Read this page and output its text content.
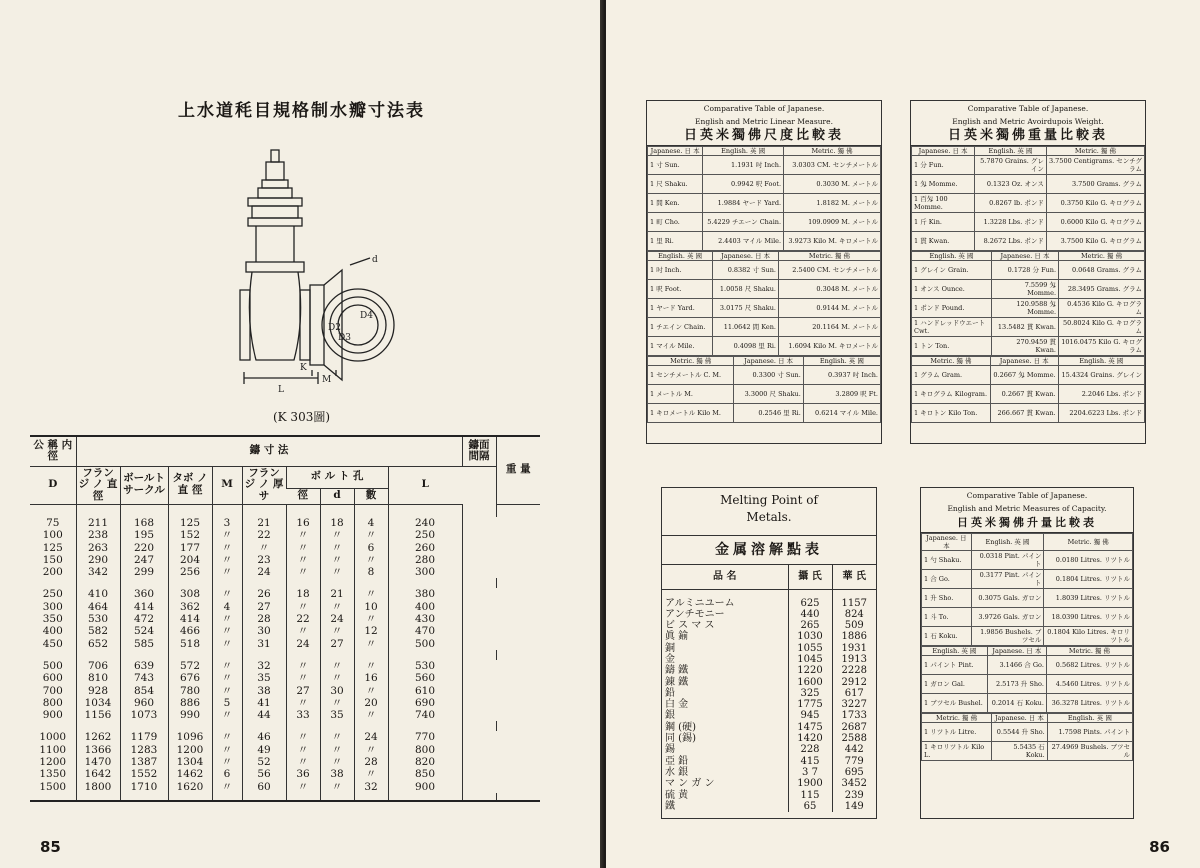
上水道秏目規格制水瓣寸法表
d
D2
D3
D4
K
M
L
(K 303圖)
公 稱 内 徑	鑄 寸 法									鑄面 間隔	重 量
D	フランジ ノ 直 徑	ボールト サークル	タボ ノ 直 徑	M	フランジ ノ 厚 サ	ボ ル ト 孔			L		
						徑	d	數			

75	211	168	125	3	21	16	18	4	240		
100	238	195	152	〃	22	〃	〃	〃	250		
125	263	220	177	〃	〃	〃	〃	6	260		
150	290	247	204	〃	23	〃	〃	〃	280		
200	342	299	256	〃	24	〃	〃	8	300		

250	410	360	308	〃	26	18	21	〃	380		
300	464	414	362	4	27	〃	〃	10	400		
350	530	472	414	〃	28	22	24	〃	430		
400	582	524	466	〃	30	〃	〃	12	470		
450	652	585	518	〃	31	24	27	〃	500		

500	706	639	572	〃	32	〃	〃	〃	530		
600	810	743	676	〃	35	〃	〃	16	560		
700	928	854	780	〃	38	27	30	〃	610		
800	1034	960	886	5	41	〃	〃	20	690		
900	1156	1073	990	〃	44	33	35	〃	740		

1000	1262	1179	1096	〃	46	〃	〃	24	770		
1100	1366	1283	1200	〃	49	〃	〃	〃	800		
1200	1470	1387	1304	〃	52	〃	〃	28	820		
1350	1642	1552	1462	6	56	36	38	〃	850		
1500	1800	1710	1620	〃	60	〃	〃	32	900		

85	86
Comparative Table of Japanese.
English and Metric Linear Measure.
日英米獨佛尺度比較表
Japanese. 日 本	English. 英 國	Metric. 獨 佛
1 寸 Sun.	1.1931 吋 Inch.	3.0303 CM. センチメートル
1 尺 Shaku.	0.9942 呎 Foot.	0.3030 M. メートル
1 間 Ken.	1.9884 ヤード Yard.	1.8182 M. メートル
1 町 Cho.	5.4229 チエーン Chain.	109.0909 M. メートル
1 里 Ri.	2.4403 マイル Mile.	3.9273 Kilo M. キロメートル
English. 英 國	Japanese. 日 本	Metric. 獨 佛
1 吋 Inch.	0.8382 寸 Sun.	2.5400 CM. センチメートル
1 呎 Foot.	1.0058 尺 Shaku.	0.3048 M. メートル
1 ヤード Yard.	3.0175 尺 Shaku.	0.9144 M. メートル
1 チエイン Chain.	11.0642 間 Ken.	20.1164 M. メートル
1 マイル Mile.	0.4098 里 Ri.	1.6094 Kilo M. キロメートル
Metric. 獨 佛	Japanese. 日 本	English. 英 國
1 センチメートル C. M.	0.3300 寸 Sun.	0.3937 吋 Inch.
1 メートル M.	3.3000 尺 Shaku.	3.2809 呎 Ft.
1 キロメートル Kilo M.	0.2546 里 Ri.	0.6214 マイル Mile.
Comparative Table of Japanese.
English and Metric Avoirdupois Weight.
日英米獨佛重量比較表
Japanese. 日 本	English. 英 國	Metric. 獨 佛
1 分 Fun.	5.7870 Grains. グレイン	3.7500 Centigrams. センチグラム
1 匁 Momme.	0.1323 Oz. オンス	3.7500 Grams. グラム
1 百匁 100 Momme.	0.8267 lb. ポンド	0.3750 Kilo G. キログラム
1 斤 Kin.	1.3228 Lbs. ポンド	0.6000 Kilo G. キログラム
1 貫 Kwan.	8.2672 Lbs. ポンド	3.7500 Kilo G. キログラム
English. 英 國	Japanese. 日 本	Metric. 獨 佛
1 グレイン Grain.	0.1728 分 Fun.	0.0648 Grams. グラム
1 オンス Ounce.	7.5599 匁 Momme.	28.3495 Grams. グラム
1 ポンド Pound.	120.9588 匁 Momme.	0.4536 Kilo G. キログラム
1 ハンドレッドウエート Cwt.	13.5482 貫 Kwan.	50.8024 Kilo G. キログラム
1 トン Ton.	270.9459 貫 Kwan.	1016.0475 Kilo G. キログラム
Metric. 獨 佛	Japanese. 日 本	English. 英 國
1 グラム Gram.	0.2667 匁 Momme.	15.4324 Grains. グレイン
1 キログラム Kilogram.	0.2667 貫 Kwan.	2.2046 Lbs. ポンド
1 キロトン Kilo Ton.	266.667 貫 Kwan.	2204.6223 Lbs. ポンド
Melting Point of
Metals.
金属溶解點表
品 名	攝 氏	華 氏

アルミニユーム	625	1157
アンチモニー	440	824
ビ ス マ ス	265	509
眞 鍮	1030	1886
銅	1055	1931
金	1045	1913
鑄 鐵	1220	2228
錬 鐵	1600	2912
鉛	325	617
白 金	1775	3227
銀	945	1733
鋼 (硬)	1475	2687
同 (錫)	1420	2588
錫	228	442
亞 鉛	415	779
水 銀	3 7	695
マ ン ガ ン	1900	3452
硫 黄	115	239
鐵	65	149
Comparative Table of Japanese.
English and Metric Measures of Capacity.
日英米獨佛升量比較表
Japanese. 日 本	English. 英 國	Metric. 獨 佛
1 勺 Shaku.	0.0318 Pint. パイント	0.0180 Litres. リツトル
1 合 Go.	0.3177 Pint. パイント	0.1804 Litres. リツトル
1 升 Sho.	0.3075 Gals. ガロン	1.8039 Litres. リツトル
1 斗 To.	3.9726 Gals. ガロン	18.0390 Litres. リツトル
1 石 Koku.	1.9856 Bushels. ブツセル	0.1804 Kilo Litres. キロリツトル
English. 英 國	Japanese. 日 本	Metric. 獨 佛
1 パイント Pint.	3.1466 合 Go.	0.5682 Litres. リツトル
1 ガロン Gal.	2.5173 升 Sho.	4.5460 Litres. リツトル
1 ブツセル Bushel.	0.2014 石 Koku.	36.3278 Litres. リツトル
Metric. 獨 佛	Japanese. 日 本	English. 英 國
1 リツトル Litre.	0.5544 升 Sho.	1.7598 Pints. パイント
1 キロリツトル Kilo L.	5.5435 石 Koku.	27.4969 Bushels. ブツセル
